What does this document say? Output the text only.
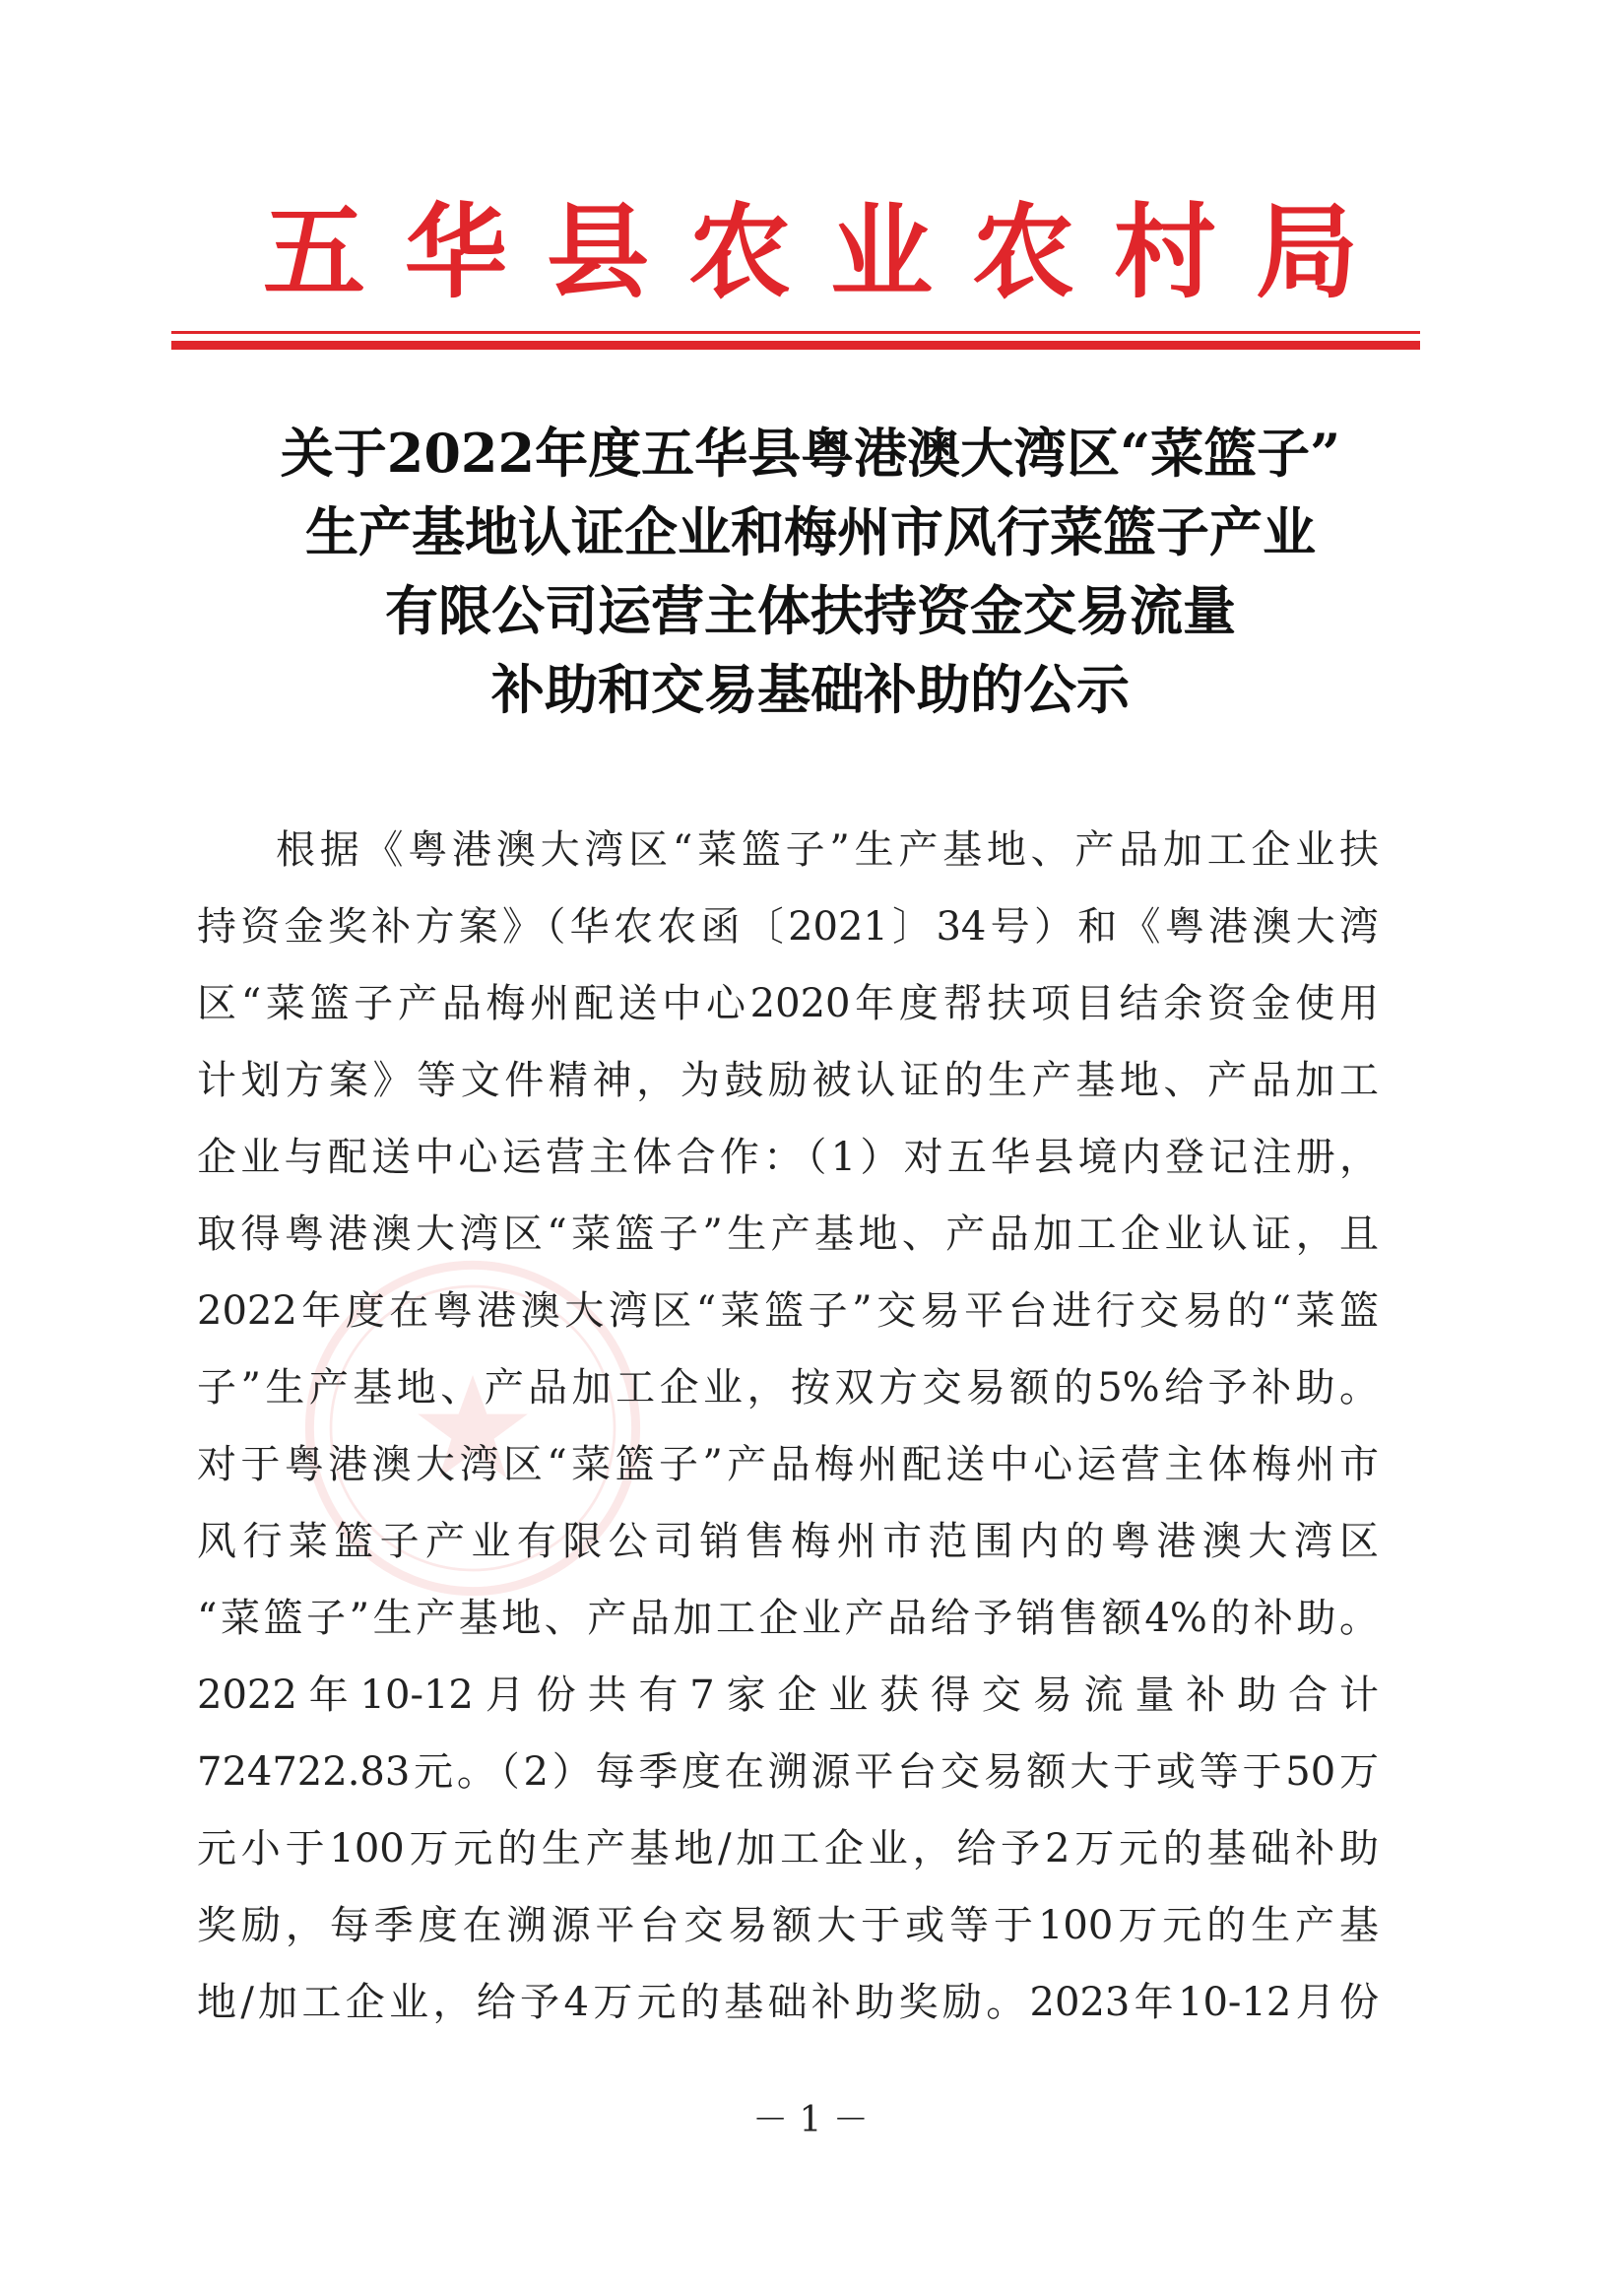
五华县农业农村局
关于2022年度五华县粤港澳大湾区“菜篮子”
生产基地认证企业和梅州市风行菜篮子产业
有限公司运营主体扶持资金交易流量
补助和交易基础补助的公示
根据《粤港澳大湾区“菜篮子”生产基地、产品加工企业扶
持资金奖补方案》（华农农函〔2021〕34号）和《粤港澳大湾
区“菜篮子产品梅州配送中心2020年度帮扶项目结余资金使用
计划方案》等文件精神，为鼓励被认证的生产基地、产品加工
企业与配送中心运营主体合作：（1）对五华县境内登记注册，
取得粤港澳大湾区“菜篮子”生产基地、产品加工企业认证，且
2022年度在粤港澳大湾区“菜篮子”交易平台进行交易的“菜篮
子”生产基地、产品加工企业，按双方交易额的5%给予补助。
对于粤港澳大湾区“菜篮子”产品梅州配送中心运营主体梅州市
风行菜篮子产业有限公司销售梅州市范围内的粤港澳大湾区
“菜篮子”生产基地、产品加工企业产品给予销售额4%的补助。
2022年10-12月份共有7家企业获得交易流量补助合计
724722.83元。（2）每季度在溯源平台交易额大于或等于50万
元小于100万元的生产基地/加工企业，给予2万元的基础补助
奖励，每季度在溯源平台交易额大于或等于100万元的生产基
地/加工企业，给予4万元的基础补助奖励。2023年10-12月份
－ 1 －
